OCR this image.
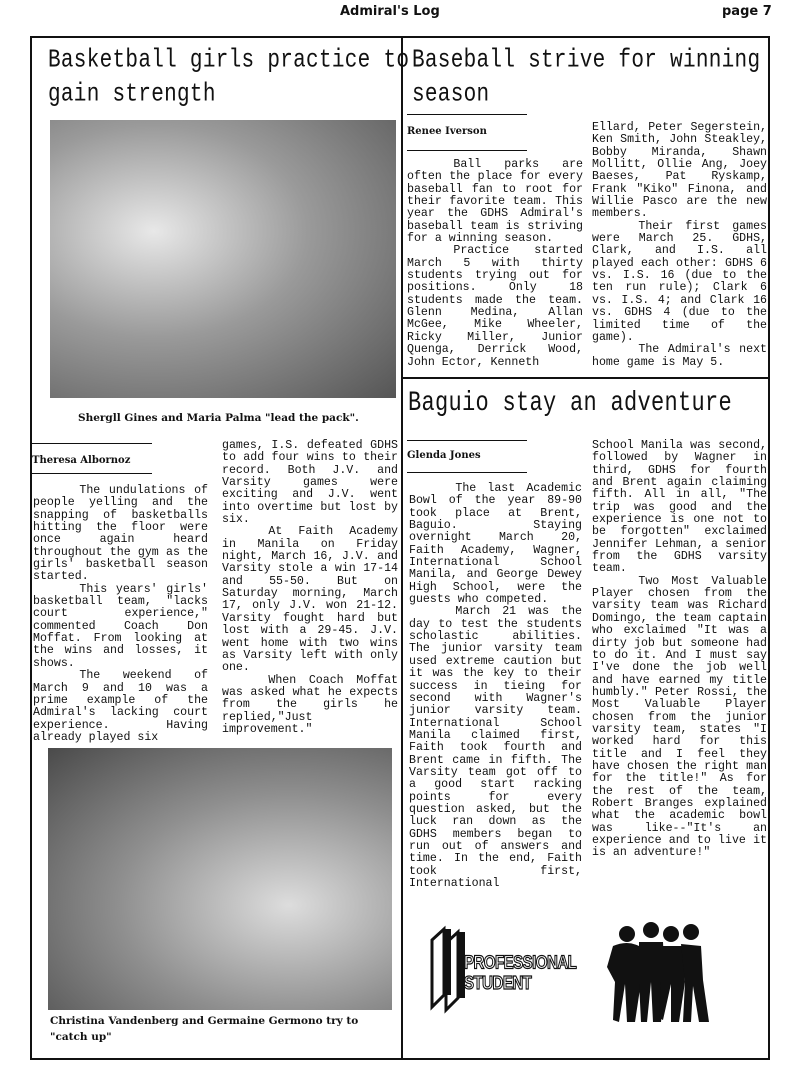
Admiral's Log	page 7
Basketball girls practice to
gain strength
Shergll Gines and Maria Palma "lead the pack".
Theresa Albornoz

The undulations of people yelling and the snapping of basketballs hitting the floor were once again heard throughout the gym as the girls' basketball season started.

This years' girls' basketball team, "lacks court experience," commented Coach Don Moffat. From looking at the wins and losses, it shows.

The weekend of March 9 and 10 was a prime example of the Admiral's lacking court experience. Having already played six

games, I.S. defeated GDHS to add four wins to their record. Both J.V. and Varsity games were exciting and J.V. went into overtime but lost by six.

At Faith Academy in Manila on Friday night, March 16, J.V. and Varsity stole a win 17-14 and 55-50. But on Saturday morning, March 17, only J.V. won 21-12. Varsity fought hard but lost with a 29-45. J.V. went home with two wins as Varsity left with only one.

When Coach Moffat was asked what he expects from the girls he replied,"Just improvement."

Christina Vandenberg and Germaine Germono try to
"catch up"
Baseball strive for winning
season
Renee Iverson

Ball parks are often the place for every baseball fan to root for their favorite team. This year the GDHS Admiral's baseball team is striving for a winning season.

Practice started March 5 with thirty students trying out for positions. Only 18 students made the team. Glenn Medina, Allan McGee, Mike Wheeler, Ricky Miller, Junior Quenga, Derrick Wood, John Ector, Kenneth

Ellard, Peter Segerstein, Ken Smith, John Steakley, Bobby Miranda, Shawn Mollitt, Ollie Ang, Joey Baeses, Pat Ryskamp, Frank "Kiko" Finona, and Willie Pasco are the new members.

Their first games were March 25. GDHS, Clark, and I.S. all played each other: GDHS 6 vs. I.S. 16 (due to the ten run rule); Clark 6 vs. I.S. 4; and Clark 16 vs. GDHS 4 (due to the limited time of the game).

The Admiral's next home game is May 5.

Baguio stay an adventure
Glenda Jones

The last Academic Bowl of the year 89-90 took place at Brent, Baguio. Staying overnight March 20, Faith Academy, Wagner, International School Manila, and George Dewey High School, were the guests who competed.

March 21 was the day to test the students scholastic abilities. The junior varsity team used extreme caution but it was the key to their success in tieing for second with Wagner's junior varsity team. International School Manila claimed first, Faith took fourth and Brent came in fifth. The Varsity team got off to a good start racking points for every question asked, but the luck ran down as the GDHS members began to run out of answers and time. In the end, Faith took first, International

School Manila was second, followed by Wagner in third, GDHS for fourth and Brent again claiming fifth. All in all, "The trip was good and the experience is one not to be forgotten" exclaimed Jennifer Lehman, a senior from the GDHS varsity team.

Two Most Valuable Player chosen from the varsity team was Richard Domingo, the team captain who exclaimed "It was a dirty job but someone had to do it. And I must say I've done the job well and have earned my title humbly." Peter Rossi, the Most Valuable Player chosen from the junior varsity team, states "I worked hard for this title and I feel they have chosen the right man for the title!" As for the rest of the team, Robert Branges explained what the academic bowl was like--"It's an experience and to live it is an adventure!"

PROFESSIONAL
STUDENT
